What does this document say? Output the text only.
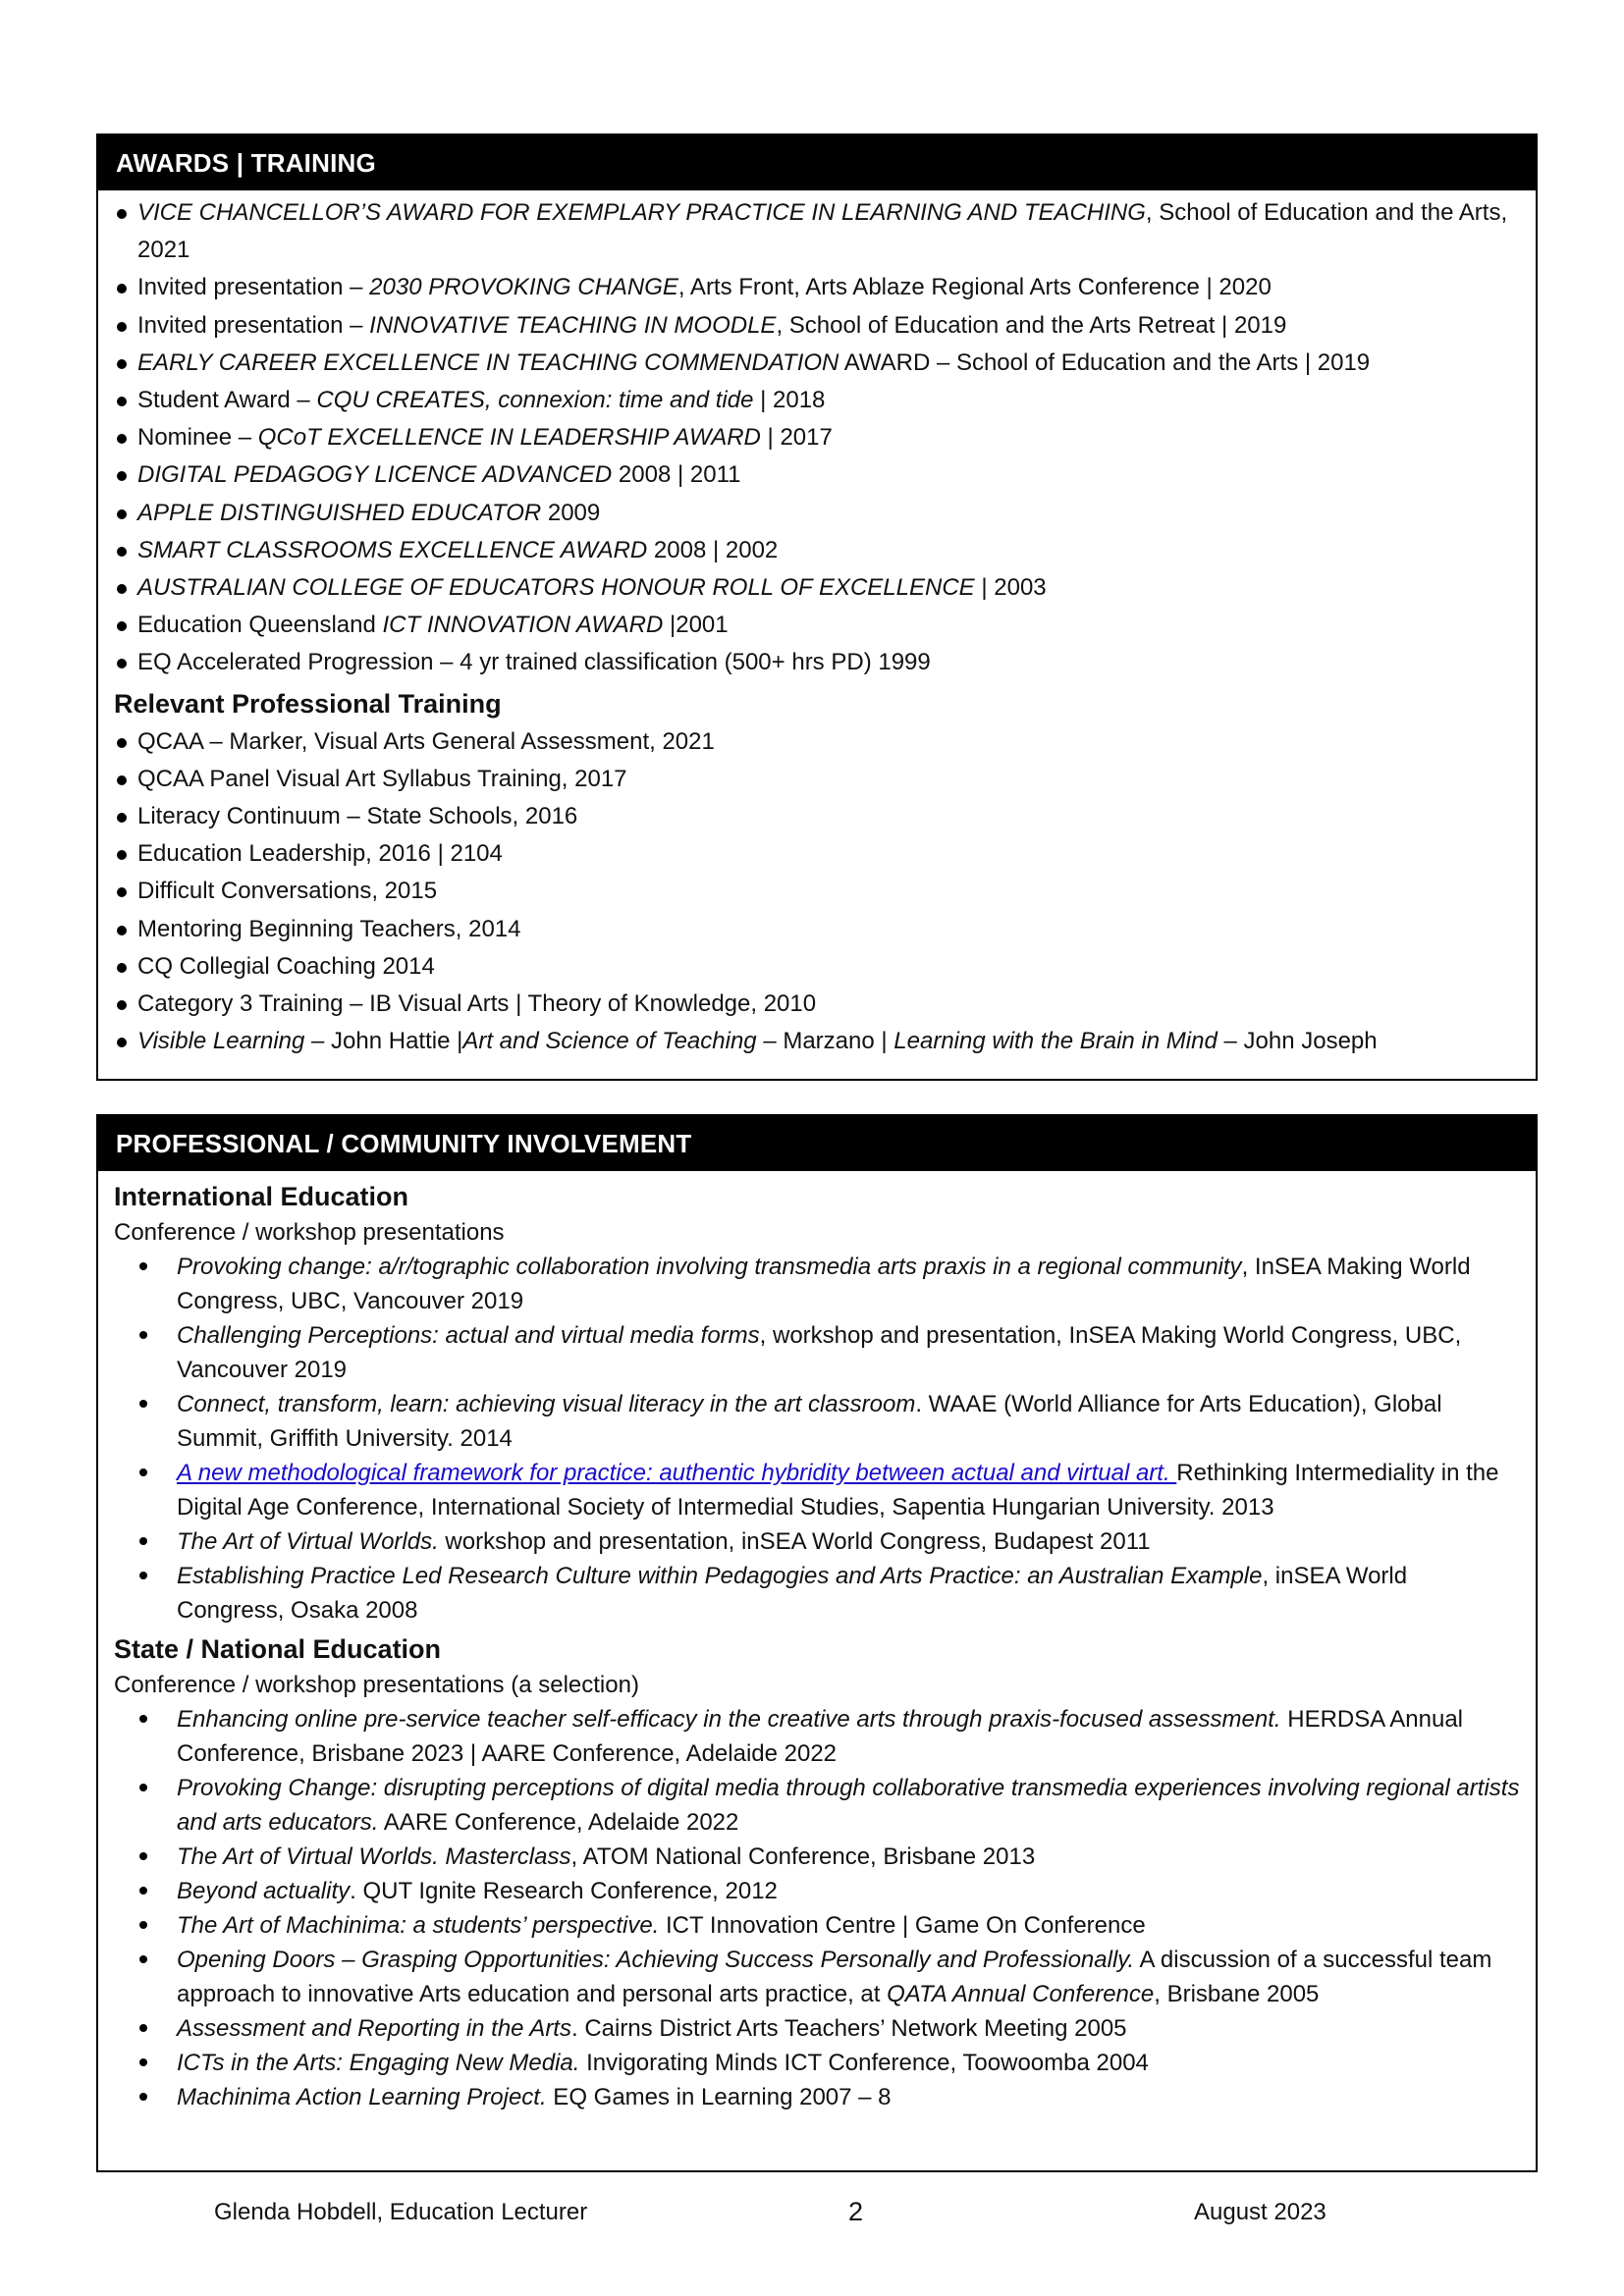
AWARDS | TRAINING
VICE CHANCELLOR’S AWARD FOR EXEMPLARY PRACTICE IN LEARNING AND TEACHING, School of Education and the Arts, 2021
Invited presentation – 2030 PROVOKING CHANGE, Arts Front, Arts Ablaze Regional Arts Conference | 2020
Invited presentation – INNOVATIVE TEACHING IN MOODLE, School of Education and the Arts Retreat | 2019
EARLY CAREER EXCELLENCE IN TEACHING COMMENDATION AWARD – School of Education and the Arts | 2019
Student Award – CQU CREATES, connexion: time and tide | 2018
Nominee – QCoT EXCELLENCE IN LEADERSHIP AWARD | 2017
DIGITAL PEDAGOGY LICENCE ADVANCED 2008 | 2011
APPLE DISTINGUISHED EDUCATOR 2009
SMART CLASSROOMS EXCELLENCE AWARD 2008 | 2002
AUSTRALIAN COLLEGE OF EDUCATORS HONOUR ROLL OF EXCELLENCE | 2003
Education Queensland ICT INNOVATION AWARD |2001
EQ Accelerated Progression – 4 yr trained classification (500+ hrs PD) 1999
Relevant Professional Training
QCAA – Marker, Visual Arts General Assessment, 2021
QCAA Panel Visual Art Syllabus Training, 2017
Literacy Continuum – State Schools, 2016
Education Leadership, 2016 | 2104
Difficult Conversations, 2015
Mentoring Beginning Teachers, 2014
CQ Collegial Coaching 2014
Category 3 Training – IB Visual Arts | Theory of Knowledge, 2010
Visible Learning – John Hattie |Art and Science of Teaching – Marzano | Learning with the Brain in Mind – John Joseph
PROFESSIONAL / COMMUNITY INVOLVEMENT
International Education
Conference / workshop presentations
Provoking change: a/r/tographic collaboration involving transmedia arts praxis in a regional community, InSEA Making World Congress, UBC, Vancouver 2019
Challenging Perceptions: actual and virtual media forms, workshop and presentation, InSEA Making World Congress, UBC, Vancouver 2019
Connect, transform, learn: achieving visual literacy in the art classroom. WAAE (World Alliance for Arts Education), Global Summit, Griffith University. 2014
A new methodological framework for practice: authentic hybridity between actual and virtual art. Rethinking Intermediality in the Digital Age Conference, International Society of Intermedial Studies, Sapentia Hungarian University. 2013
The Art of Virtual Worlds. workshop and presentation, inSEA World Congress, Budapest 2011
Establishing Practice Led Research Culture within Pedagogies and Arts Practice: an Australian Example, inSEA World Congress, Osaka 2008
State / National Education
Conference / workshop presentations (a selection)
Enhancing online pre-service teacher self-efficacy in the creative arts through praxis-focused assessment. HERDSA Annual Conference, Brisbane 2023 | AARE Conference, Adelaide 2022
Provoking Change: disrupting perceptions of digital media through collaborative transmedia experiences involving regional artists and arts educators. AARE Conference, Adelaide 2022
The Art of Virtual Worlds. Masterclass, ATOM National Conference, Brisbane 2013
Beyond actuality. QUT Ignite Research Conference, 2012
The Art of Machinima: a students’ perspective. ICT Innovation Centre | Game On Conference
Opening Doors – Grasping Opportunities: Achieving Success Personally and Professionally. A discussion of a successful team approach to innovative Arts education and personal arts practice, at QATA Annual Conference, Brisbane 2005
Assessment and Reporting in the Arts. Cairns District Arts Teachers’ Network Meeting 2005
ICTs in the Arts: Engaging New Media. Invigorating Minds ICT Conference, Toowoomba 2004
Machinima Action Learning Project. EQ Games in Learning 2007 – 8
Glenda Hobdell, Education Lecturer	2	August 2023
